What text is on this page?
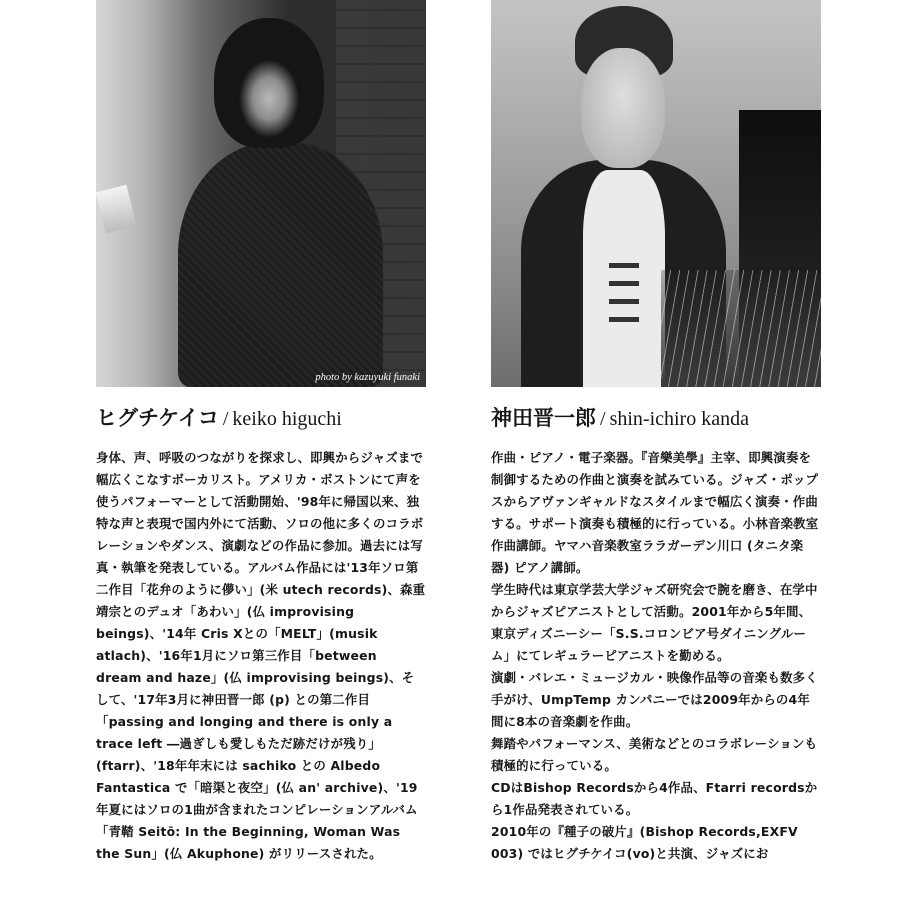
photo by kazuyuki funaki
ヒグチケイコ / keiko higuchi

身体、声、呼吸のつながりを探求し、即興からジャズまで幅広くこなすボーカリスト。アメリカ・ボストンにて声を使うパフォーマーとして活動開始、'98年に帰国以来、独特な声と表現で国内外にて活動、ソロの他に多くのコラボレーションやダンス、演劇などの作品に参加。過去には写真・執筆を発表している。アルバム作品には'13年ソロ第二作目「花弁のように儚い」(米 utech records)、森重靖宗とのデュオ「あわい」(仏 improvising beings)、'14年 Cris Xとの「MELT」(musik atlach)、'16年1月にソロ第三作目「between dream and haze」(仏 improvising beings)、そして、'17年3月に神田晋一郎 (p) との第二作目「passing and longing and there is only a trace left ―過ぎしも愛しもただ跡だけが残り」(ftarr)、'18年年末には sachiko との Albedo Fantastica で「暗渠と夜空」(仏 an' archive)、'19年夏にはソロの1曲が含まれたコンピレーションアルバム「青鞜 Seitō: In the Beginning, Woman Was the Sun」(仏 Akuphone) がリリースされた。

神田晋一郎 / shin-ichiro kanda

作曲・ピアノ・電子楽器。『音樂美學』主宰、即興演奏を制御するための作曲と演奏を試みている。ジャズ・ポップスからアヴァンギャルドなスタイルまで幅広く演奏・作曲する。サポート演奏も積極的に行っている。小林音楽教室作曲講師。ヤマハ音楽教室ララガーデン川口 (タニタ楽器) ピアノ講師。

学生時代は東京学芸大学ジャズ研究会で腕を磨き、在学中からジャズピアニストとして活動。2001年から5年間、東京ディズニーシー「S.S.コロンビア号ダイニングルーム」にてレギュラーピアニストを勤める。

演劇・バレエ・ミュージカル・映像作品等の音楽も数多く手がけ、UmpTemp カンパニーでは2009年からの4年間に8本の音楽劇を作曲。

舞踏やパフォーマンス、美術などとのコラボレーションも積極的に行っている。

CDはBishop Recordsから4作品、Ftarri recordsから1作品発表されている。

2010年の『種子の破片』(Bishop Records,EXFV 003) ではヒグチケイコ(vo)と共演、ジャズにお
